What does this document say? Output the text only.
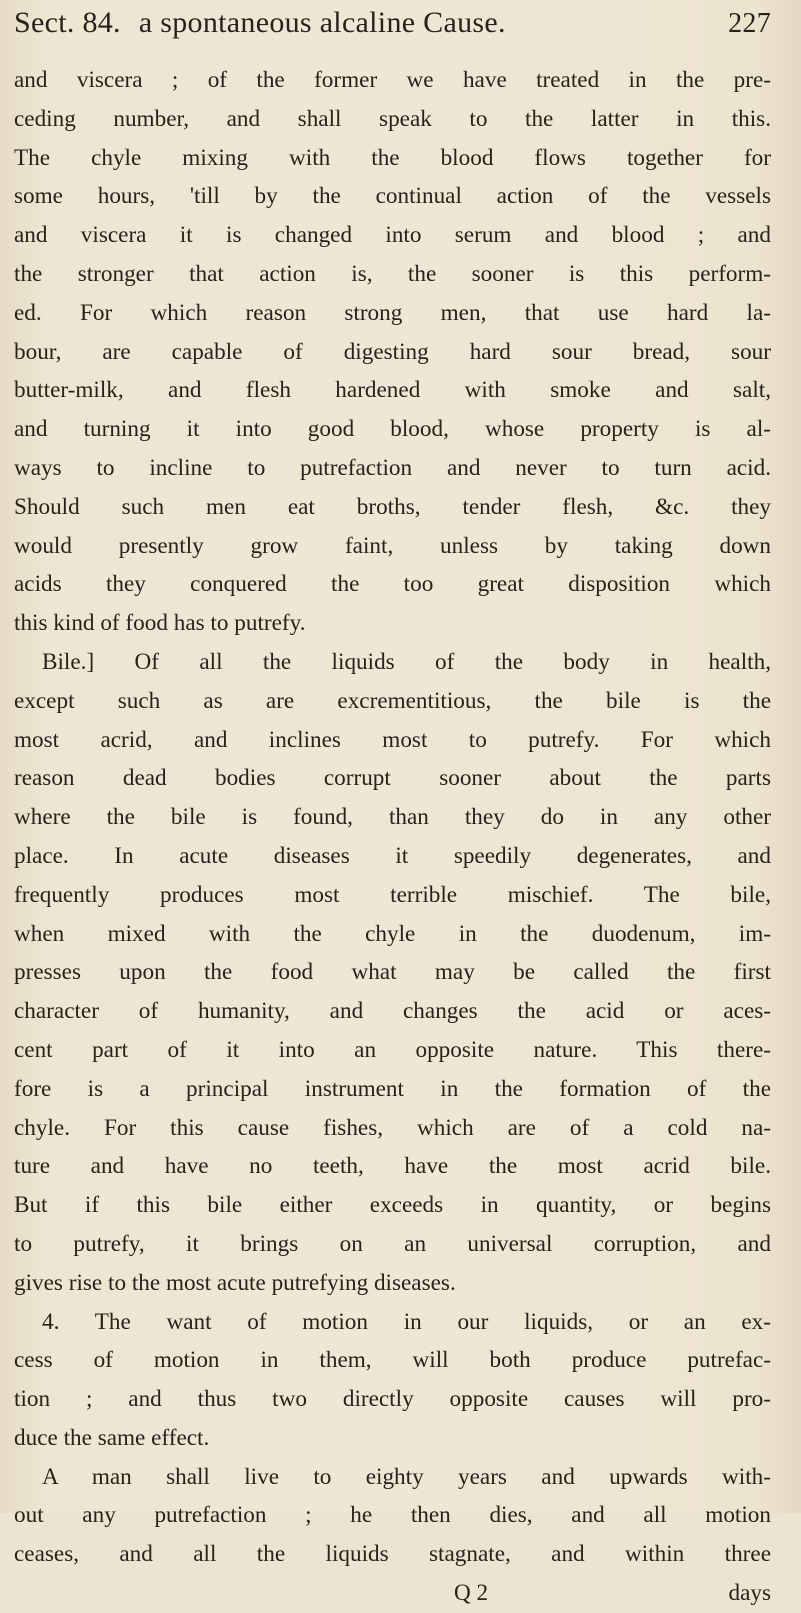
Sect. 84. a spontaneous alcaline Cause.	227
and viscera ; of the former we have treated in the pre-
ceding number, and shall speak to the latter in this.
The chyle mixing with the blood flows together for
some hours, 'till by the continual action of the vessels
and viscera it is changed into serum and blood ; and
the stronger that action is, the sooner is this perform-
ed. For which reason strong men, that use hard la-
bour, are capable of digesting hard sour bread, sour
butter-milk, and flesh hardened with smoke and salt,
and turning it into good blood, whose property is al-
ways to incline to putrefaction and never to turn acid.
Should such men eat broths, tender flesh, &c. they
would presently grow faint, unless by taking down
acids they conquered the too great disposition which
this kind of food has to putrefy.
Bile.] Of all the liquids of the body in health,
except such as are excrementitious, the bile is the
most acrid, and inclines most to putrefy. For which
reason dead bodies corrupt sooner about the parts
where the bile is found, than they do in any other
place. In acute diseases it speedily degenerates, and
frequently produces most terrible mischief. The bile,
when mixed with the chyle in the duodenum, im-
presses upon the food what may be called the first
character of humanity, and changes the acid or aces-
cent part of it into an opposite nature. This there-
fore is a principal instrument in the formation of the
chyle. For this cause fishes, which are of a cold na-
ture and have no teeth, have the most acrid bile.
But if this bile either exceeds in quantity, or begins
to putrefy, it brings on an universal corruption, and
gives rise to the most acute putrefying diseases.
4. The want of motion in our liquids, or an ex-
cess of motion in them, will both produce putrefac-
tion ; and thus two directly opposite causes will pro-
duce the same effect.
A man shall live to eighty years and upwards with-
out any putrefaction ; he then dies, and all motion
ceases, and all the liquids stagnate, and within three
Q 2	days
